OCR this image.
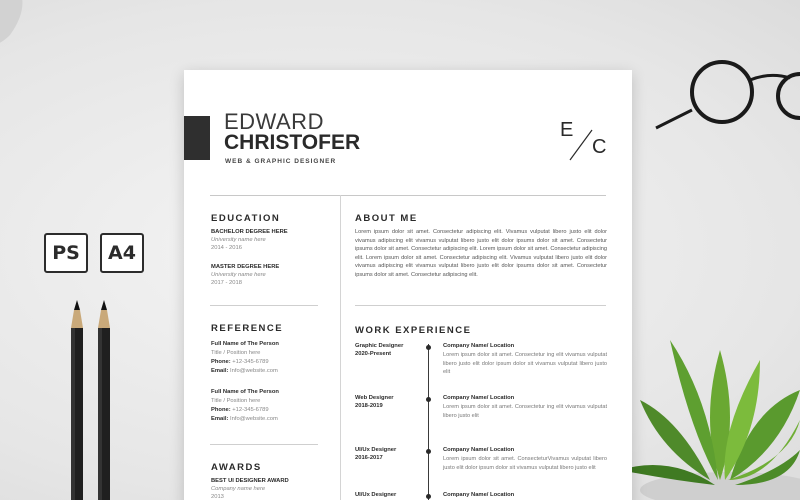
PS	A4
EDWARD
CHRISTOFER
WEB & GRAPHIC DESIGNER
E
C
EDUCATION
BACHELOR DEGREE HERE
University name here
2014 - 2016
MASTER DEGREE HERE
University name here
2017 - 2018
REFERENCE
Full Name of The Person
Title / Position here
Phone: +12-345-6789
Email: Info@website.com
Full Name of The Person
Title / Position here
Phone: +12-345-6789
Email: Info@website.com
AWARDS
BEST UI DESIGNER AWARD
Company name here
2013
ABOUT ME
Lorem ipsum dolor sit amet. Consectetur adipiscing elit. Vivamus vulputat libero justo elit dolor vivamus adipiscing elit vivamus vulputat libero justo elit dolor ipsums dolor sit amet. Consectetur ipsums dolor sit amet. Consectetur adipiscing elit. Lorem ipsum dolor sit amet. Consectetur adipiscing elit. Lorem ipsum dolor sit amet. Consectetur adipiscing elit. Vivamus vulputat libero justo elit dolor vivamus adipiscing elit vivamus vulputat libero justo elit dolor ipsums dolor sit amet. Consectetur ipsums dolor sit amet. Consectetur adipiscing elit.
WORK EXPERIENCE
Graphic Designer
2020-Present
Company Name/ Location
Lorem ipsum dolor sit amet. Consectetur ing elit vivamus vulputat libero justo elit dolor ipsum dolor sit vivamus vulputat libero justo elit
Web Designer
2018-2019
Company Name/ Location
Lorem ipsum dolor sit amet. Consectetur ing elit vivamus vulputat libero justo elit
UI/Ux Designer
2016-2017
Company Name/ Location
Lorem ipsum dolor sit amet. ConsecteturVivamus vulputat libero justo elit dolor ipsum dolor sit vivamus vulputat libero justo elit
UI/Ux Designer	Company Name/ Location
